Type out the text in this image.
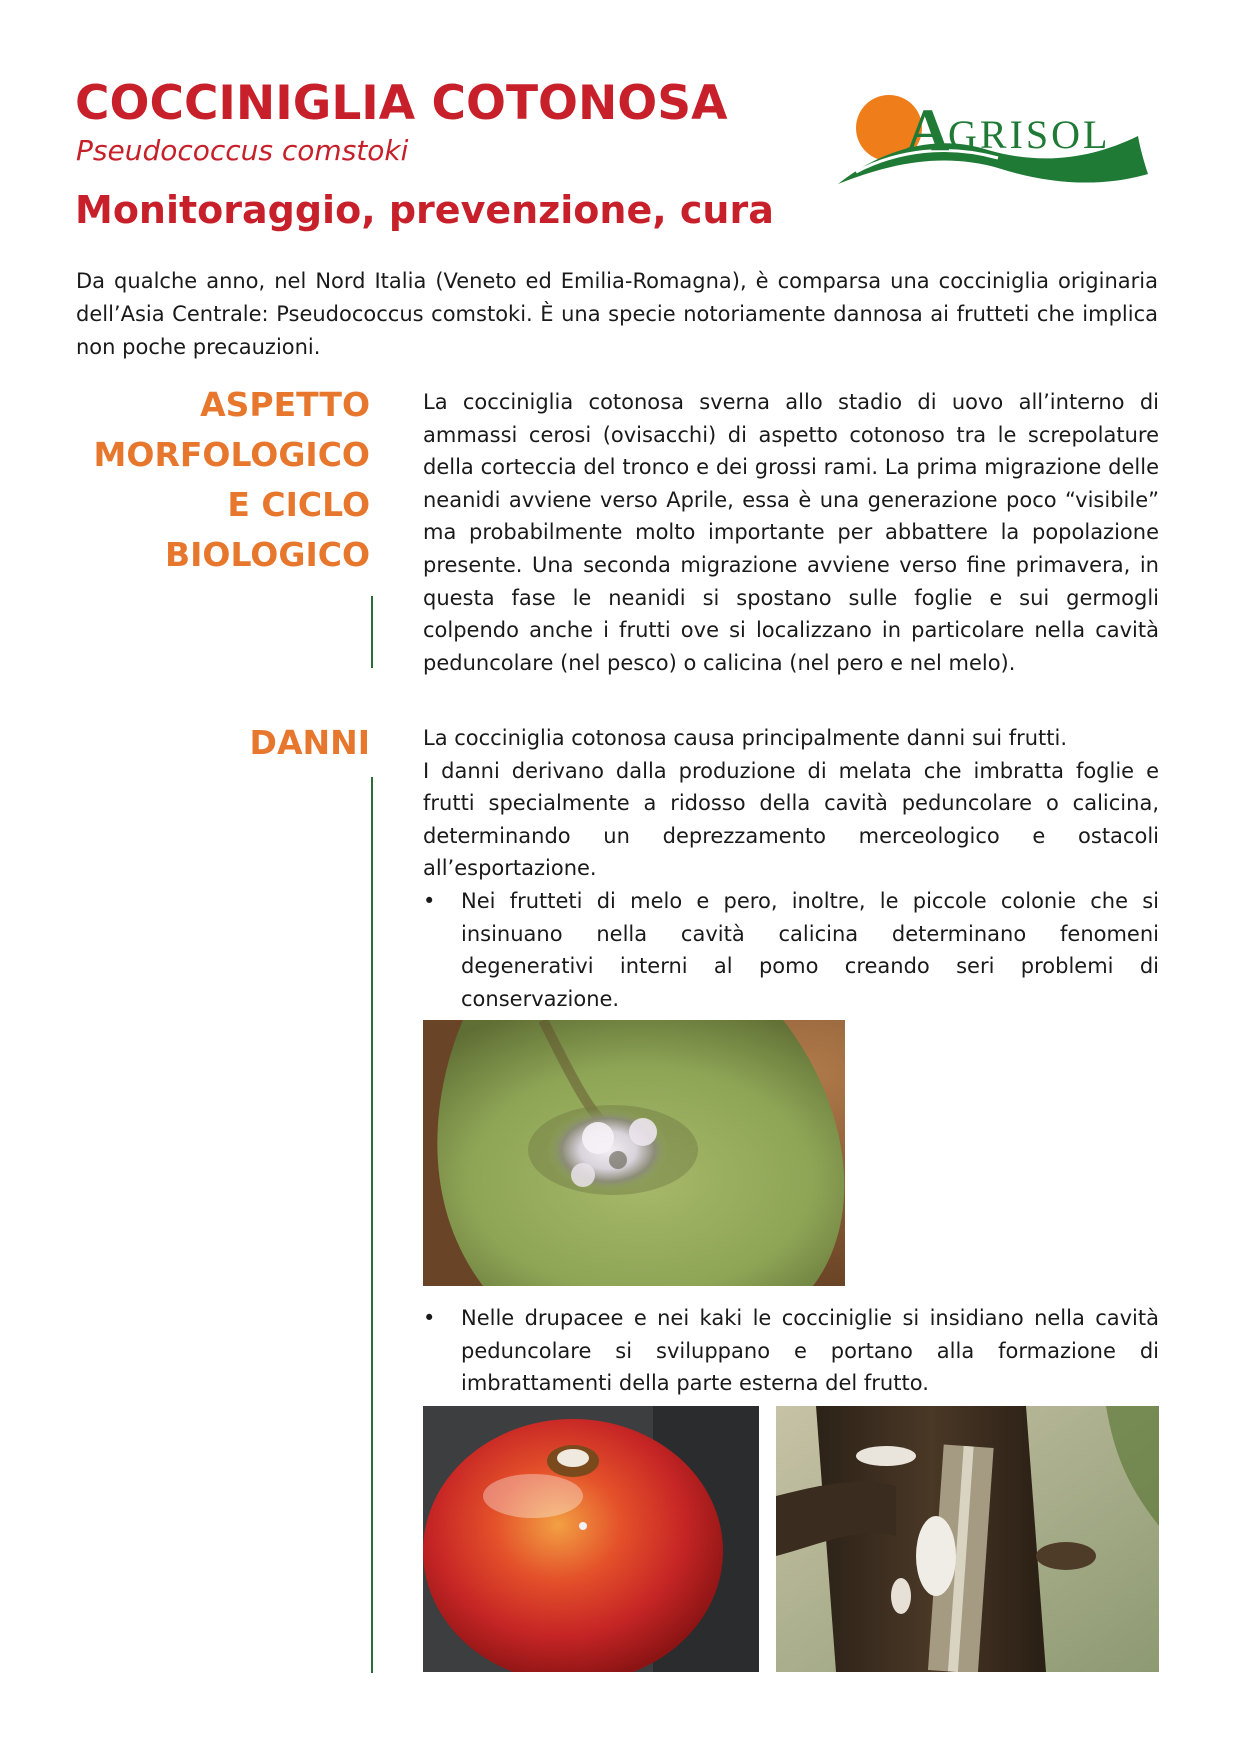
COCCINIGLIA COTONOSA
Pseudococcus comstoki
Monitoraggio, prevenzione, cura
A
GRISOL
Da qualche anno, nel Nord Italia (Veneto ed Emilia-Romagna), è comparsa una cocciniglia originaria dell’Asia Centrale: Pseudococcus comstoki. È una specie notoriamente dannosa ai frutteti che implica non poche precauzioni.
ASPETTO
MORFOLOGICO
E CICLO
BIOLOGICO

La cocciniglia cotonosa sverna allo stadio di uovo all’interno di ammassi cerosi (ovisacchi) di aspetto cotonoso tra le screpolature della corteccia del tronco e dei grossi rami. La prima migrazione delle neanidi avviene verso Aprile, essa è una generazione poco “visibile” ma probabilmente molto importante per abbattere la popolazione presente. Una seconda migrazione avviene verso fine primavera, in questa fase le neanidi si spostano sulle foglie e sui germogli colpendo anche i frutti ove si localizzano in particolare nella cavità peduncolare (nel pesco) o calicina (nel pero e nel melo).

DANNI	La cocciniglia cotonosa causa principalmente danni sui frutti.

I danni derivano dalla produzione di melata che imbratta foglie e frutti specialmente a ridosso della cavità peduncolare o calicina, determinando un deprezzamento merceologico e ostacoli all’esportazione.

•	Nei frutteti di melo e pero, inoltre, le piccole colonie che si insinuano nella cavità calicina determinano fenomeni degenerativi interni al pomo creando seri problemi di conservazione.
•	Nelle drupacee e nei kaki le cocciniglie si insidiano nella cavità peduncolare si sviluppano e portano alla formazione di imbrattamenti della parte esterna del frutto.
